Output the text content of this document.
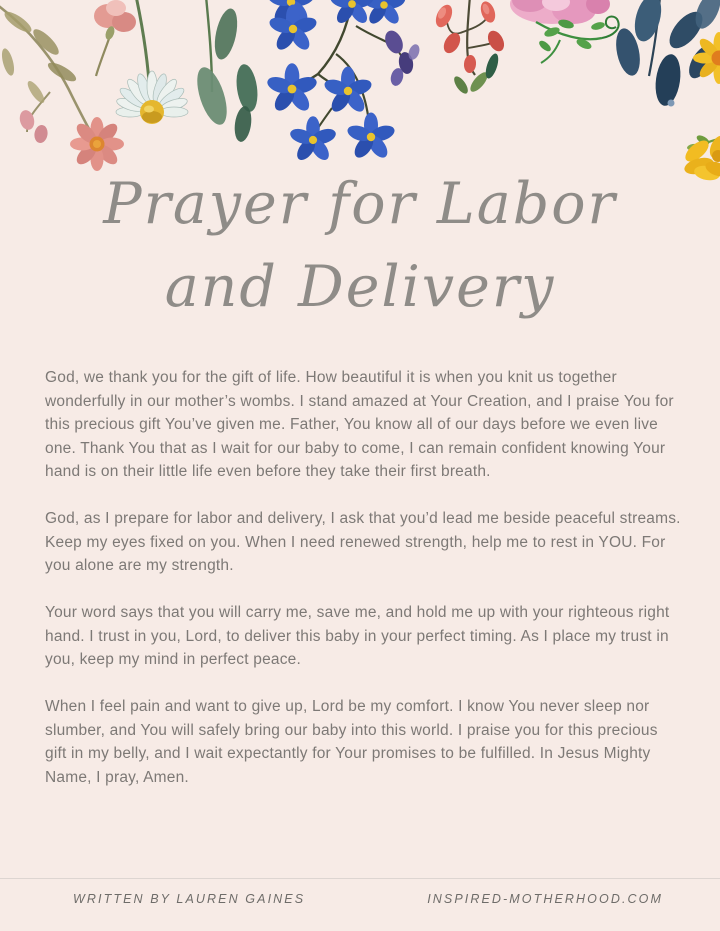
Prayer for Labor
and Delivery

God, we thank you for the gift of life. How beautiful it is when you knit us together wonderfully in our mother’s wombs. I stand amazed at Your Creation, and I praise You for this precious gift You’ve given me. Father, You know all of our days before we even live one. Thank You that as I wait for our baby to come, I can remain confident knowing Your hand is on their little life even before they take their first breath.

God, as I prepare for labor and delivery, I ask that you’d lead me beside peaceful streams. Keep my eyes fixed on you. When I need renewed strength, help me to rest in YOU. For you alone are my strength.

Your word says that you will carry me, save me, and hold me up with your righteous right hand. I trust in you, Lord, to deliver this baby in your perfect timing. As I place my trust in you, keep my mind in perfect peace.

When I feel pain and want to give up, Lord be my comfort. I know You never sleep nor slumber, and You will safely bring our baby into this world. I praise you for this precious gift in my belly, and I wait expectantly for Your promises to be fulfilled. In Jesus Mighty Name, I pray, Amen.

WRITTEN BY LAUREN GAINES	INSPIRED-MOTHERHOOD.COM
